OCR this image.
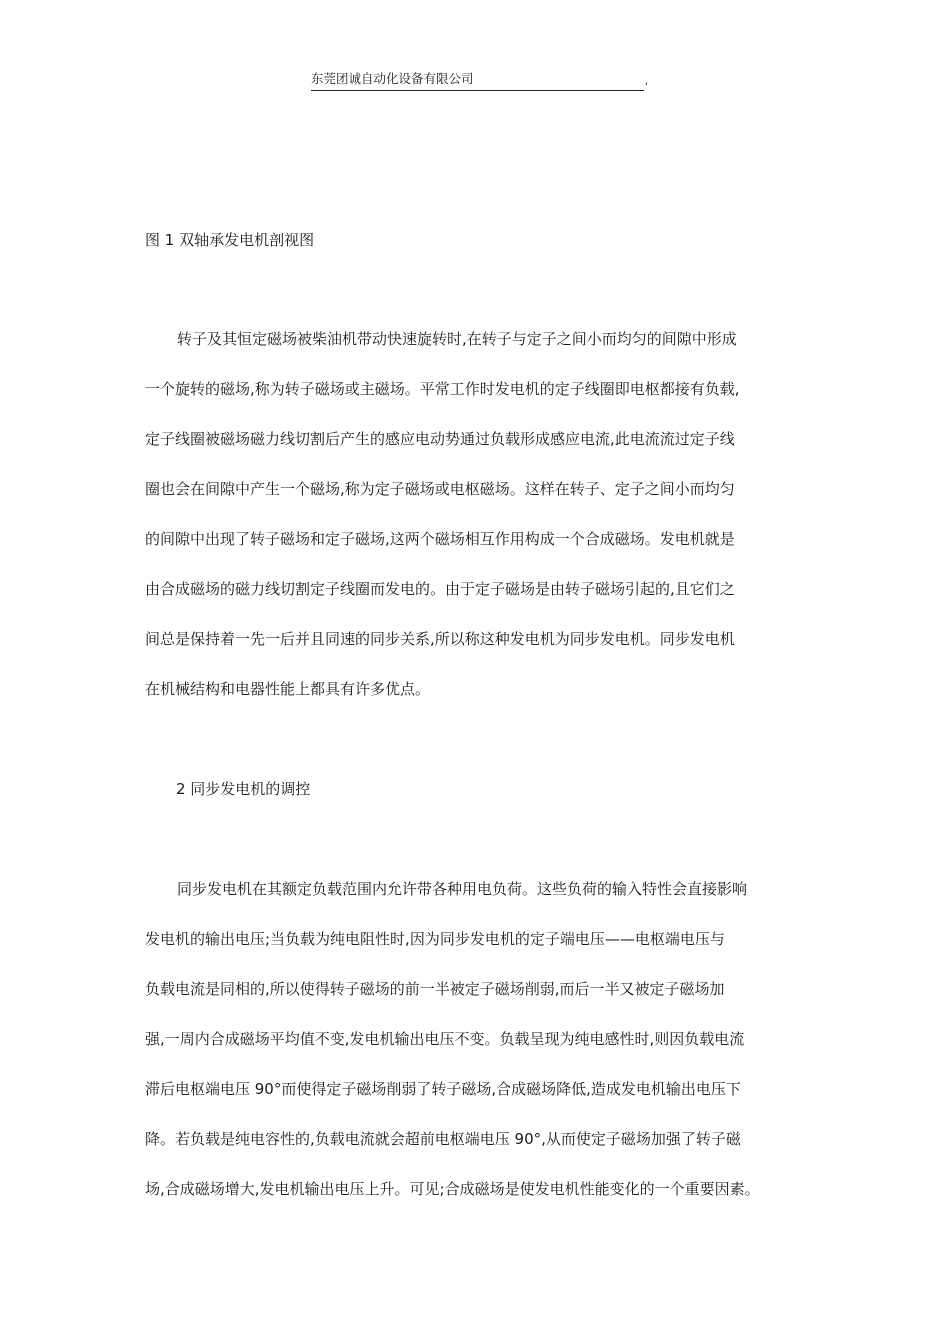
东莞团诚自动化设备有限公司	,
图 1 双轴承发电机剖视图
转子及其恒定磁场被柴油机带动快速旋转时,在转子与定子之间小而均匀的间隙中形成
一个旋转的磁场,称为转子磁场或主磁场。平常工作时发电机的定子线圈即电枢都接有负载,
定子线圈被磁场磁力线切割后产生的感应电动势通过负载形成感应电流,此电流流过定子线
圈也会在间隙中产生一个磁场,称为定子磁场或电枢磁场。这样在转子、定子之间小而均匀
的间隙中出现了转子磁场和定子磁场,这两个磁场相互作用构成一个合成磁场。发电机就是
由合成磁场的磁力线切割定子线圈而发电的。由于定子磁场是由转子磁场引起的,且它们之
间总是保持着一先一后并且同速的同步关系,所以称这种发电机为同步发电机。同步发电机
在机械结构和电器性能上都具有许多优点。
2 同步发电机的调控
同步发电机在其额定负载范围内允许带各种用电负荷。这些负荷的输入特性会直接影响
发电机的输出电压;当负载为纯电阻性时,因为同步发电机的定子端电压——电枢端电压与
负载电流是同相的,所以使得转子磁场的前一半被定子磁场削弱,而后一半又被定子磁场加
强,一周内合成磁场平均值不变,发电机输出电压不变。负载呈现为纯电感性时,则因负载电流
滞后电枢端电压 90°而使得定子磁场削弱了转子磁场,合成磁场降低,造成发电机输出电压下
降。若负载是纯电容性的,负载电流就会超前电枢端电压 90°,从而使定子磁场加强了转子磁
场,合成磁场增大,发电机输出电压上升。可见;合成磁场是使发电机性能变化的一个重要因素。
